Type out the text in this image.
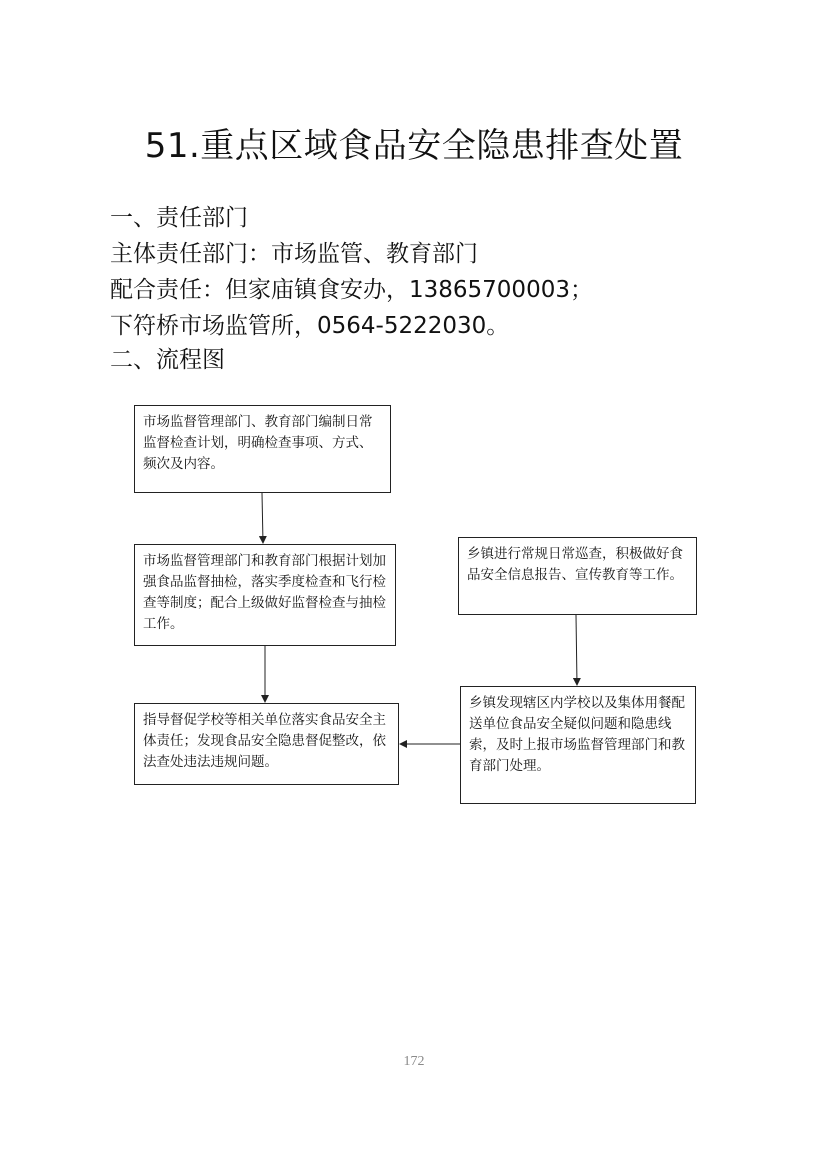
51.重点区域食品安全隐患排查处置
一、责任部门
主体责任部门：市场监管、教育部门
配合责任：但家庙镇食安办，13865700003；
下符桥市场监管所，0564-5222030。
二、流程图
市场监督管理部门、教育部门编制日常监督检查计划，明确检查事项、方式、频次及内容。
市场监督管理部门和教育部门根据计划加强食品监督抽检，落实季度检查和飞行检查等制度；配合上级做好监督检查与抽检工作。
指导督促学校等相关单位落实食品安全主体责任；发现食品安全隐患督促整改，依法查处违法违规问题。
乡镇进行常规日常巡查，积极做好食品安全信息报告、宣传教育等工作。
乡镇发现辖区内学校以及集体用餐配送单位食品安全疑似问题和隐患线索，及时上报市场监督管理部门和教育部门处理。
172
